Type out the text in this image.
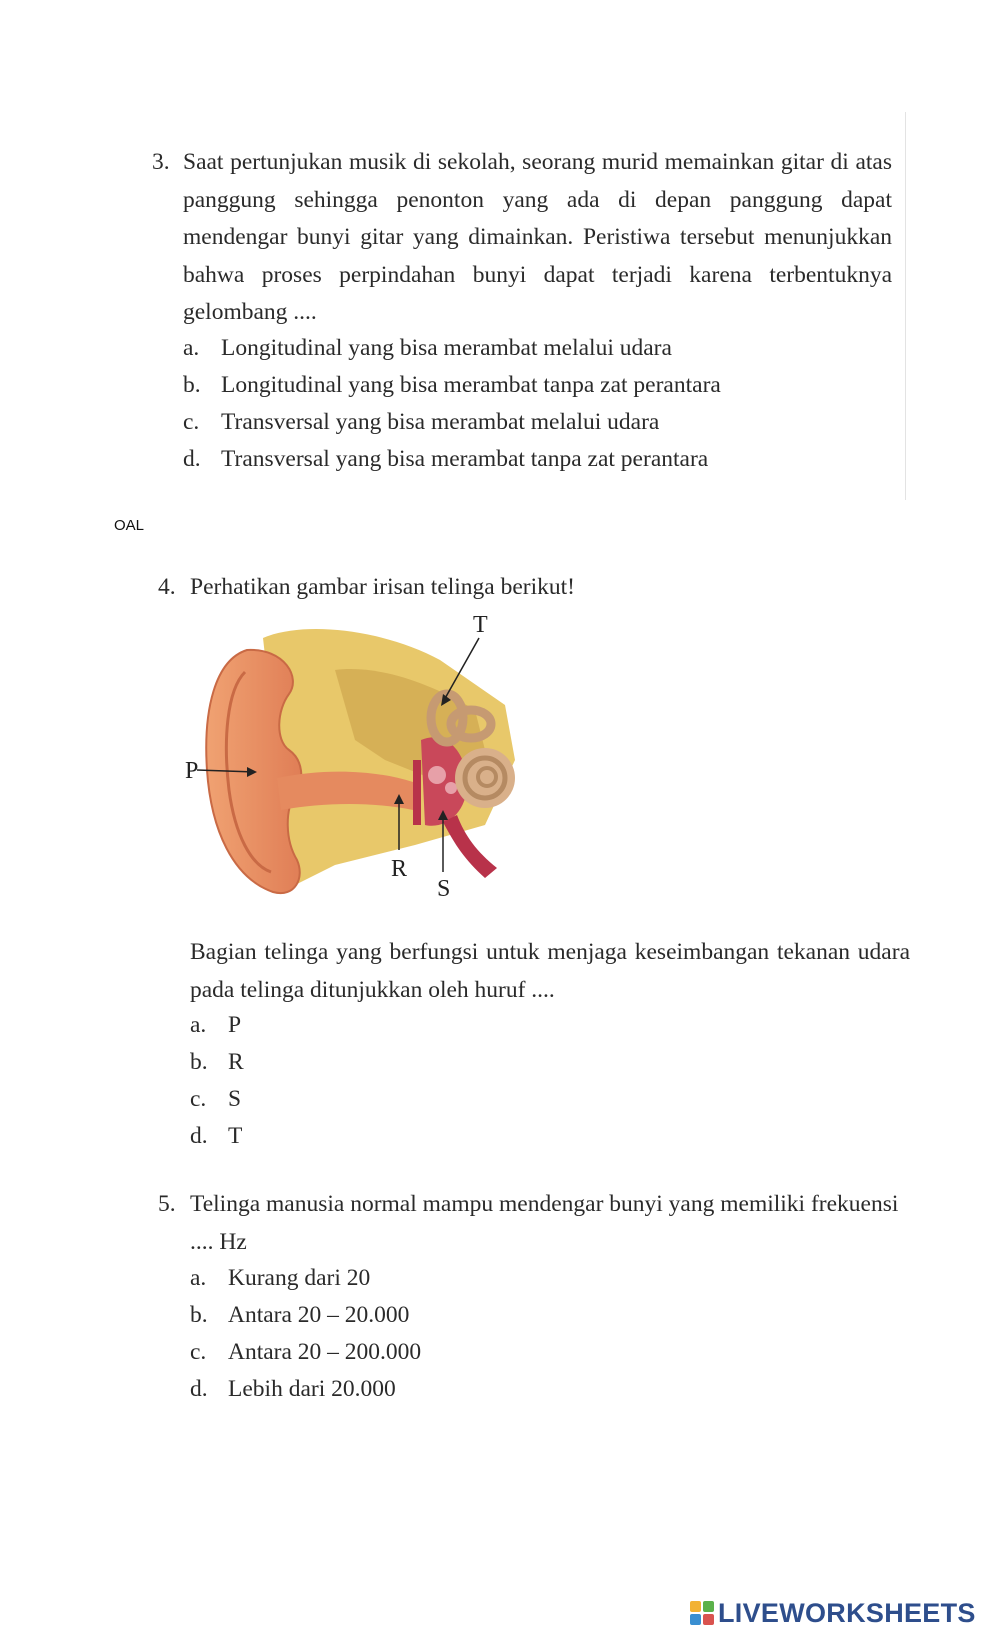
3. Saat pertunjukan musik di sekolah, seorang murid memainkan gitar di atas panggung sehingga penonton yang ada di depan panggung dapat mendengar bunyi gitar yang dimainkan. Peristiwa tersebut menunjukkan bahwa proses perpindahan bunyi dapat terjadi karena terbentuknya gelombang ....
a. Longitudinal yang bisa merambat melalui udara
b. Longitudinal yang bisa merambat tanpa zat perantara
c. Transversal yang bisa merambat melalui udara
d. Transversal yang bisa merambat tanpa zat perantara
OAL
4. Perhatikan gambar irisan telinga berikut!
Bagian telinga yang berfungsi untuk menjaga keseimbangan tekanan udara pada telinga ditunjukkan oleh huruf ....
a. P
b. R
c. S
d. T
P
R
S
T
5. Telinga manusia normal mampu mendengar bunyi yang memiliki frekuensi .... Hz
a. Kurang dari 20
b. Antara 20 – 20.000
c. Antara 20 – 200.000
d. Lebih dari 20.000
LIVEWORKSHEETS
